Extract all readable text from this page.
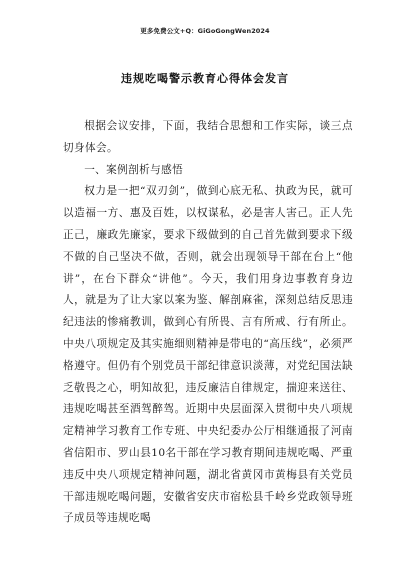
更多免费公文+Q：GiGoGongWen2024
违规吃喝警示教育心得体会发言

根据会议安排，下面，我结合思想和工作实际，谈三点切身体会。

一、案例剖析与感悟

权力是一把“双刃剑”，做到心底无私、执政为民，就可以造福一方、惠及百姓，以权谋私，必是害人害己。正人先正己，廉政先廉家，要求下级做到的自己首先做到要求下级不做的自己坚决不做，否则，就会出现领导干部在台上“他讲”，在台下群众“讲他”。今天，我们用身边事教育身边人，就是为了让大家以案为鉴、解剖麻雀，深刻总结反思违纪违法的惨痛教训，做到心有所畏、言有所戒、行有所止。中央八项规定及其实施细则精神是带电的“高压线”，必须严格遵守。但仍有个别党员干部纪律意识淡薄，对党纪国法缺乏敬畏之心，明知故犯，违反廉洁自律规定，揣迎来送往、违规吃喝甚至酒驾醉驾。近期中央层面深入贯彻中央八项规定精神学习教育工作专班、中央纪委办公厅相继通报了河南省信阳市、罗山县10名干部在学习教育期间违规吃喝、严重违反中央八项规定精神问题，湖北省黄冈市黄梅县有关党员干部违规吃喝问题，安徽省安庆市宿松县千岭乡党政领导班子成员等违规吃喝
